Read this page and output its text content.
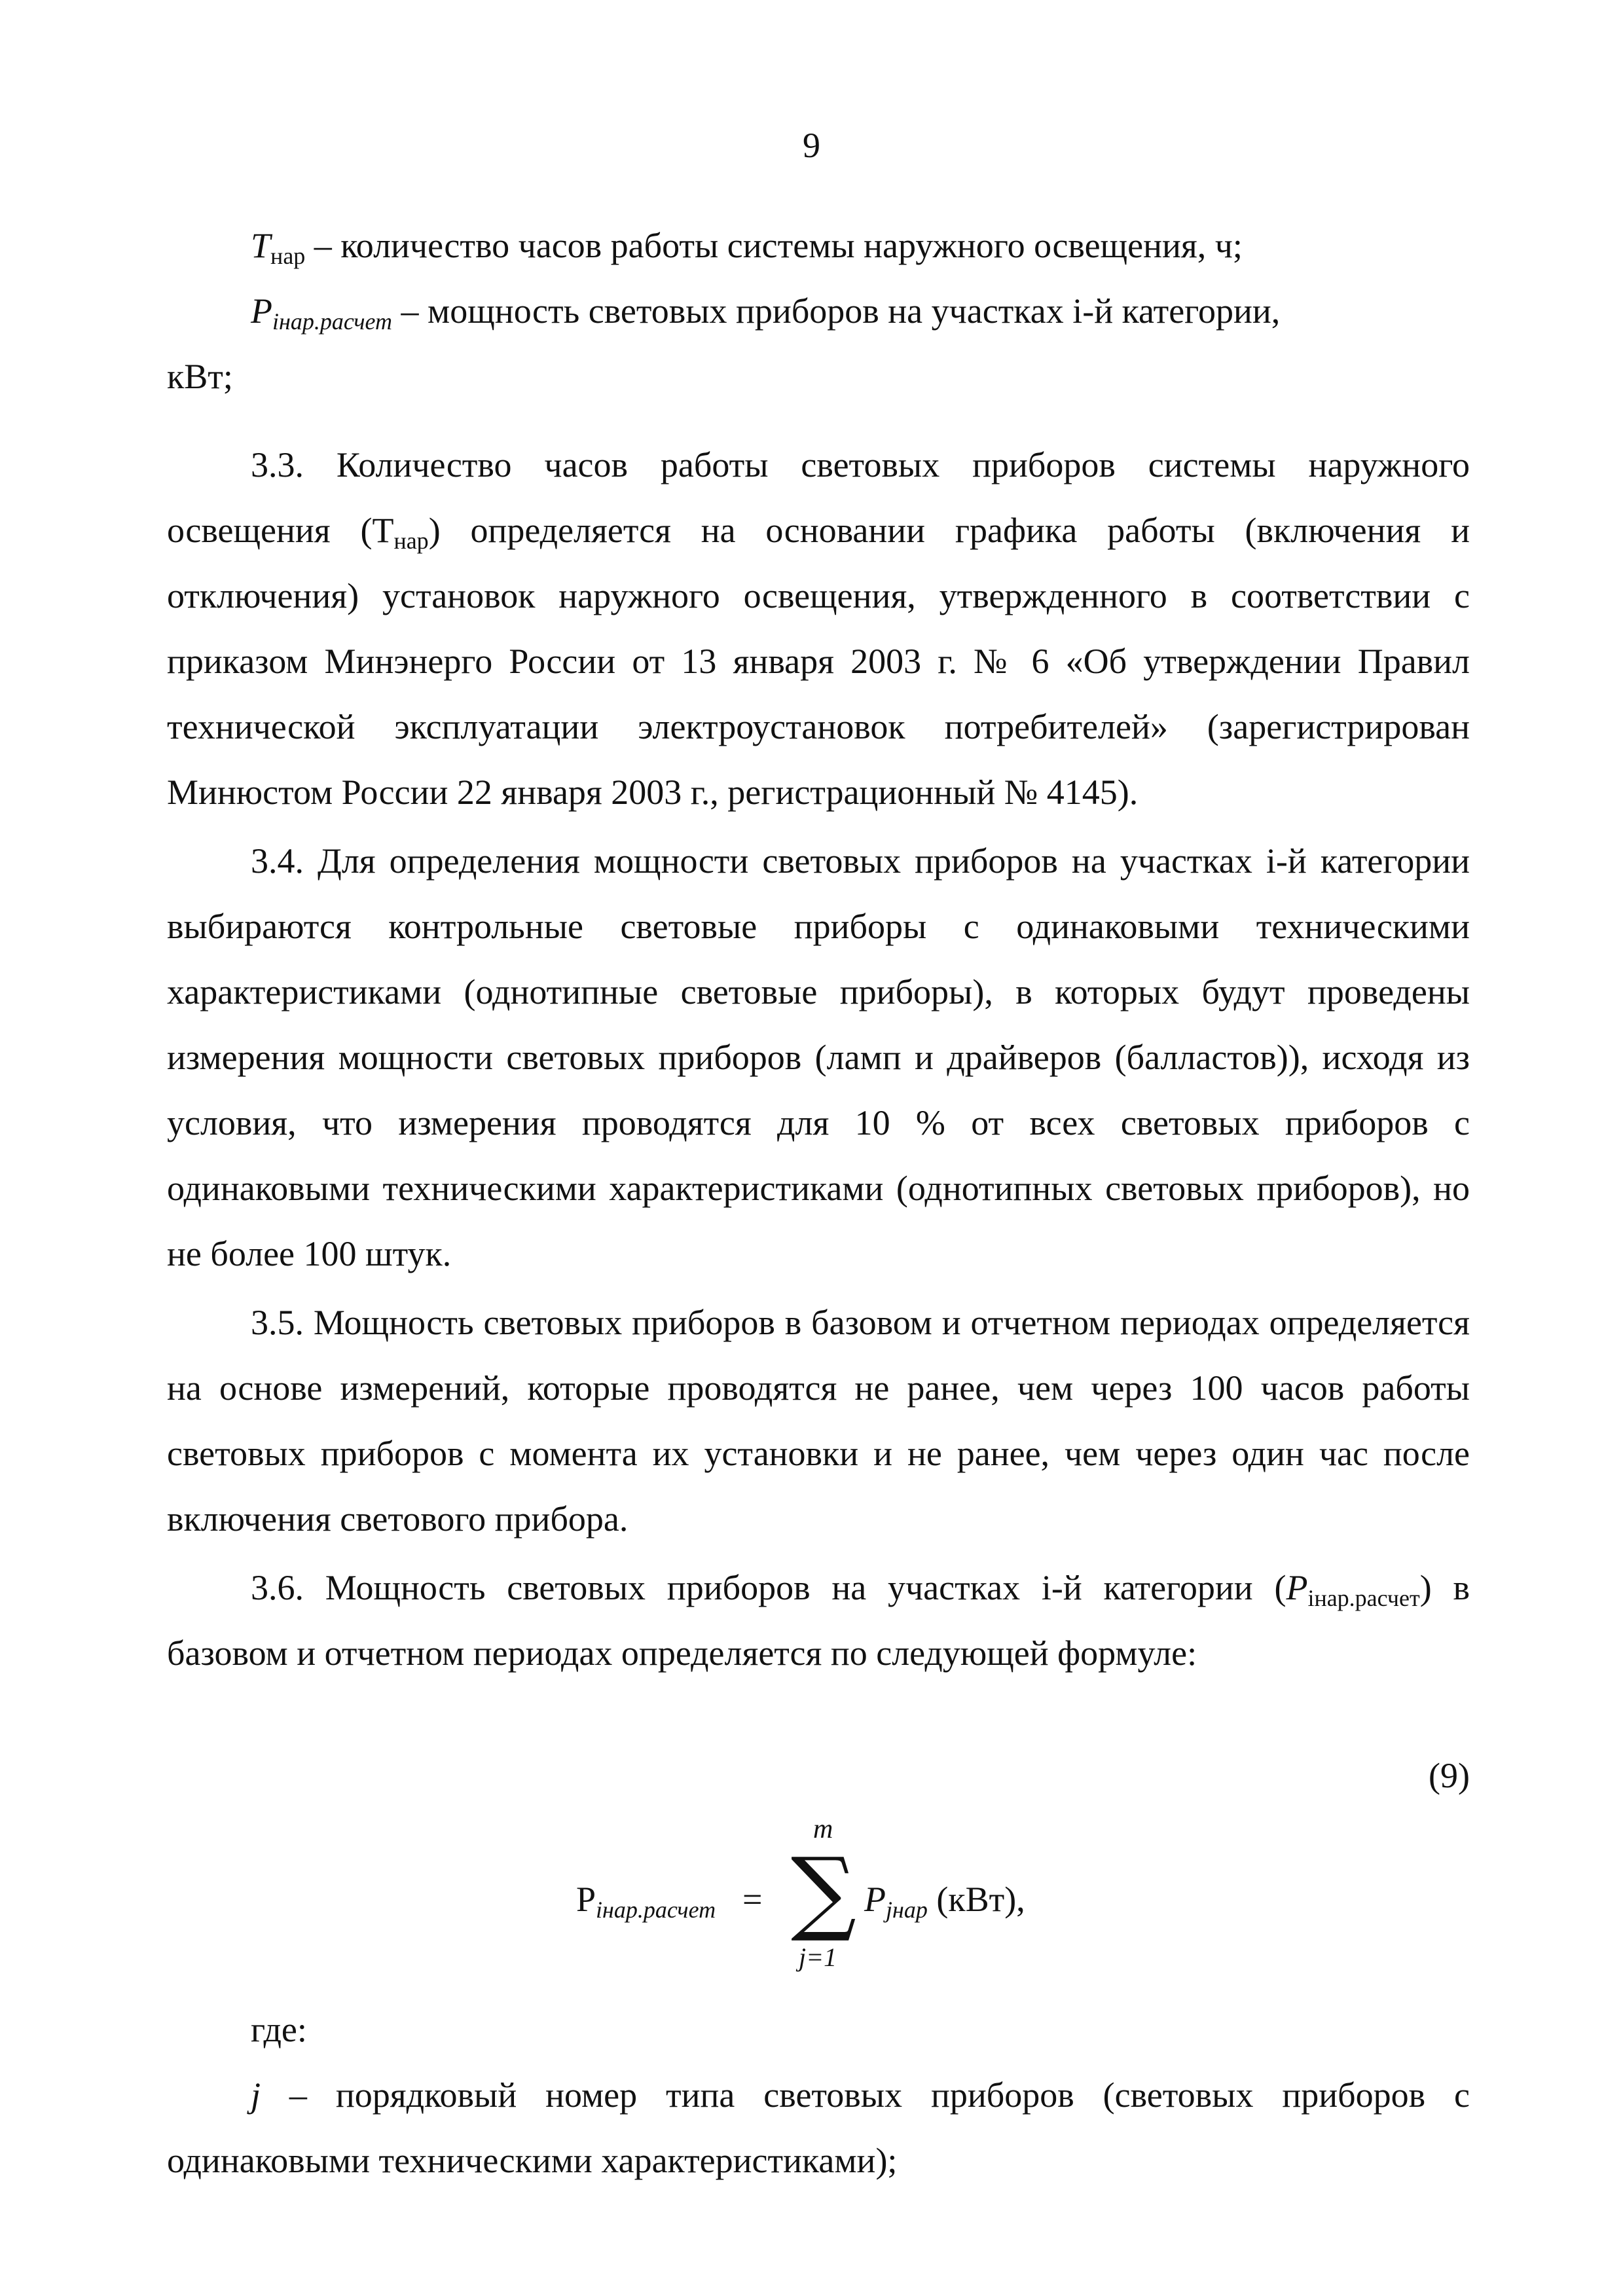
9

$T_{нар}$ – количество часов работы системы наружного освещения, ч;

$P_{iнар.расчет}$ – мощность световых приборов на участках i-й категории,

кВт;

3.3. Количество часов работы световых приборов системы наружного освещения $(Т_{нар})$ определяется на основании графика работы (включения и отключения) установок наружного освещения, утвержденного в соответствии с приказом Минэнерго России от 13 января 2003 г. № 6 «Об утверждении Правил технической эксплуатации электроустановок потребителей» (зарегистрирован Минюстом России 22 января 2003 г., регистрационный № 4145).

3.4. Для определения мощности световых приборов на участках i-й категории выбираются контрольные световые приборы с одинаковыми техническими характеристиками (однотипные световые приборы), в которых будут проведены измерения мощности световых приборов (ламп и драйверов (балластов)), исходя из условия, что измерения проводятся для 10 % от всех световых приборов с одинаковыми техническими характеристиками (однотипных световых приборов), но не более 100 штук.

3.5. Мощность световых приборов в базовом и отчетном периодах определяется на основе измерений, которые проводятся не ранее, чем через 100 часов работы световых приборов с момента их установки и не ранее, чем через один час после включения светового прибора.

3.6. Мощность световых приборов на участках i-й категории $(P_{iнар.расчет})$ в базовом и отчетном периодах определяется по следующей формуле:

(9)
$P_{iнар.расчет}$ =
m
∑
j=1
$P_{jнар}$ (кВт),

где:

j – порядковый номер типа световых приборов (световых приборов с одинаковыми техническими характеристиками);
